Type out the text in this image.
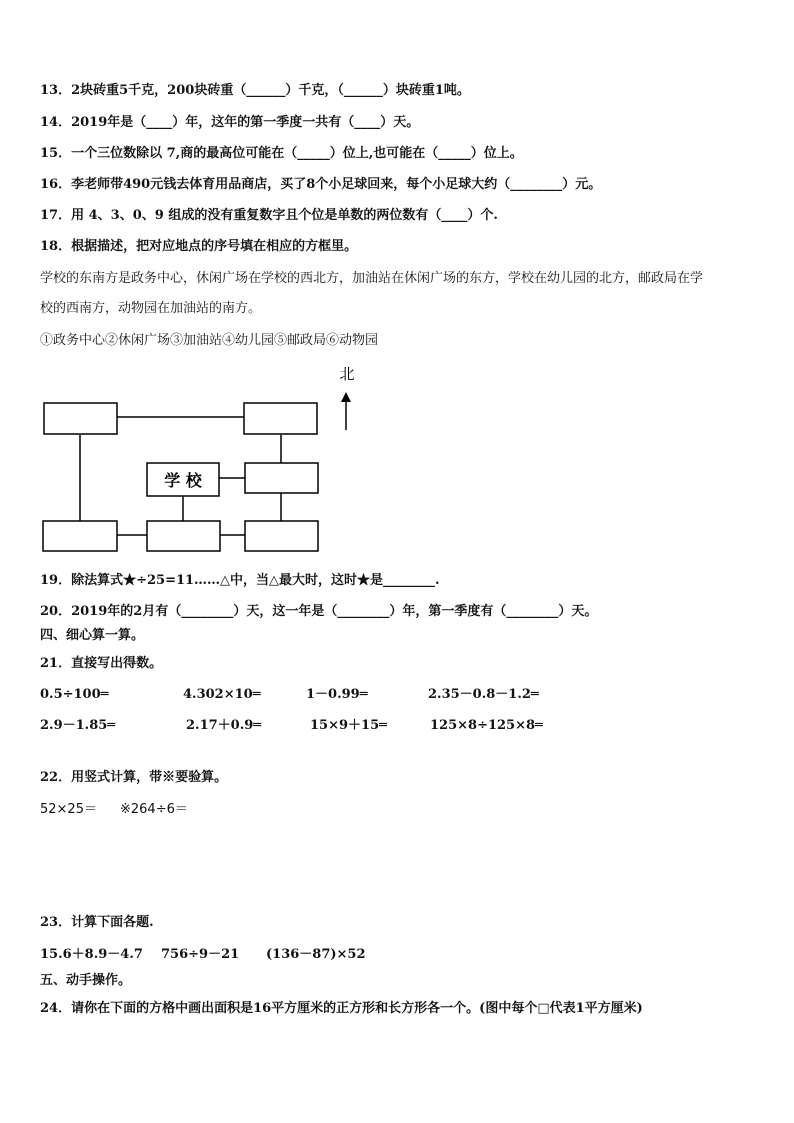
13．2块砖重5千克，200块砖重（______）千克，（______）块砖重1吨。
14．2019年是（____）年，这年的第一季度一共有（____）天。
15．一个三位数除以 7,商的最高位可能在（_____）位上,也可能在（_____）位上。
16．李老师带490元钱去体育用品商店，买了8个小足球回来，每个小足球大约（________）元。
17．用 4、3、0、9 组成的没有重复数字且个位是单数的两位数有（____）个.
18．根据描述，把对应地点的序号填在相应的方框里。
学校的东南方是政务中心，休闲广场在学校的西北方，加油站在休闲广场的东方，学校在幼儿园的北方，邮政局在学
校的西南方，动物园在加油站的南方。
①政务中心②休闲广场③加油站④幼儿园⑤邮政局⑥动物园
学 校
北
19．除法算式★÷25=11……△中，当△最大时，这时★是________.
20．2019年的2月有（________）天，这一年是（________）年，第一季度有（________）天。
四、细心算一算。
21．直接写出得数。
0.5÷100═	4.302×10═	1－0.99═	2.35－0.8－1.2═
2.9－1.85═	2.17＋0.9═	15×9＋15═	125×8÷125×8═
22．用竖式计算，带※要验算。
52×25＝ ※264÷6＝
23．计算下面各题.
15.6＋8.9－4.7 756÷9－21 (136－87)×52
五、动手操作。
24．请你在下面的方格中画出面积是16平方厘米的正方形和长方形各一个。(图中每个□代表1平方厘米)
